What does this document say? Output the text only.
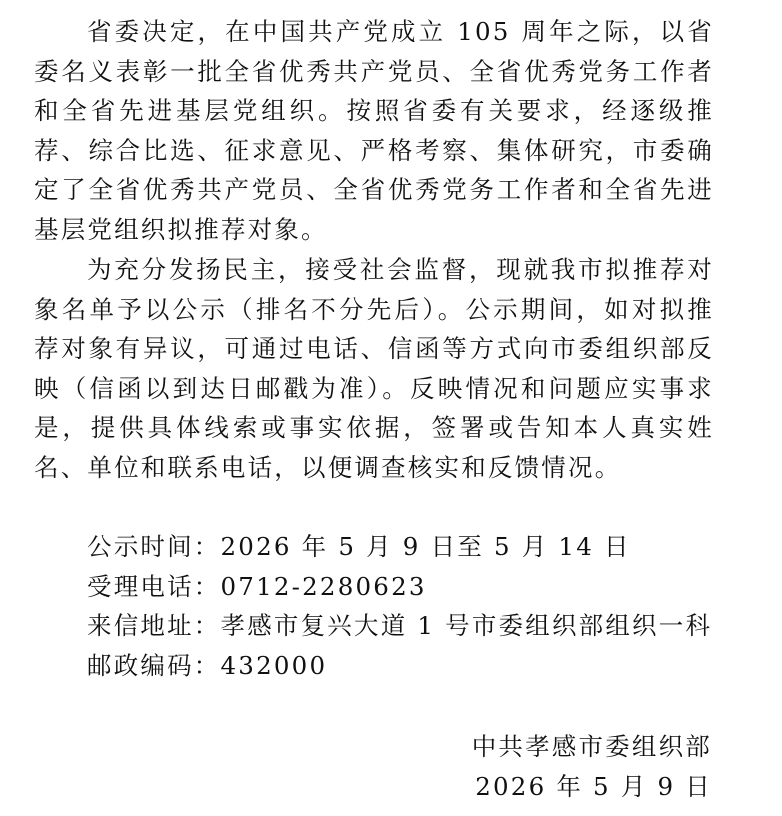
省委决定，在中国共产党成立 105 周年之际，以省委名义表彰一批全省优秀共产党员、全省优秀党务工作者和全省先进基层党组织。按照省委有关要求，经逐级推荐、综合比选、征求意见、严格考察、集体研究，市委确定了全省优秀共产党员、全省优秀党务工作者和全省先进基层党组织拟推荐对象。

为充分发扬民主，接受社会监督，现就我市拟推荐对象名单予以公示（排名不分先后）。公示期间，如对拟推荐对象有异议，可通过电话、信函等方式向市委组织部反映（信函以到达日邮戳为准）。反映情况和问题应实事求是，提供具体线索或事实依据，签署或告知本人真实姓名、单位和联系电话，以便调查核实和反馈情况。

公示时间：2026 年 5 月 9 日至 5 月 14 日
受理电话：0712-2280623
来信地址：孝感市复兴大道 1 号市委组织部组织一科
邮政编码：432000
中共孝感市委组织部
2026 年 5 月 9 日
